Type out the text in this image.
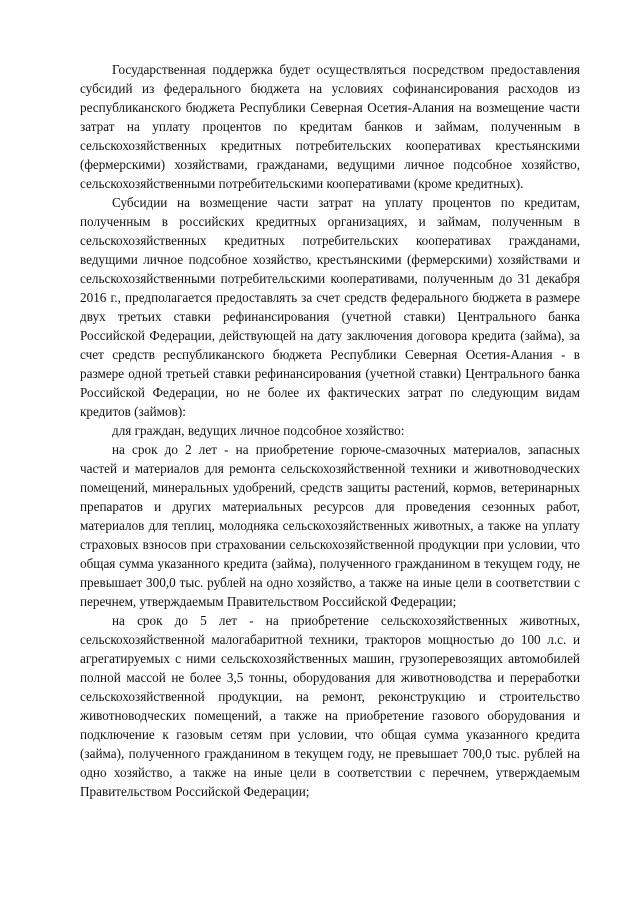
Государственная поддержка будет осуществляться посредством предоставления субсидий из федерального бюджета на условиях софинансирования расходов из республиканского бюджета Республики Северная Осетия-Алания на возмещение части затрат на уплату процентов по кредитам банков и займам, полученным в сельскохозяйственных кредитных потребительских кооперативах крестьянскими (фермерскими) хозяйствами, гражданами, ведущими личное подсобное хозяйство, сельскохозяйственными потребительскими кооперативами (кроме кредитных).

Субсидии на возмещение части затрат на уплату процентов по кредитам, полученным в российских кредитных организациях, и займам, полученным в сельскохозяйственных кредитных потребительских кооперативах гражданами, ведущими личное подсобное хозяйство, крестьянскими (фермерскими) хозяйствами и сельскохозяйственными потребительскими кооперативами, полученным до 31 декабря 2016 г., предполагается предоставлять за счет средств федерального бюджета в размере двух третьих ставки рефинансирования (учетной ставки) Центрального банка Российской Федерации, действующей на дату заключения договора кредита (займа), за счет средств республиканского бюджета Республики Северная Осетия-Алания - в размере одной третьей ставки рефинансирования (учетной ставки) Центрального банка Российской Федерации, но не более их фактических затрат по следующим видам кредитов (займов):

для граждан, ведущих личное подсобное хозяйство:

на срок до 2 лет - на приобретение горюче-смазочных материалов, запасных частей и материалов для ремонта сельскохозяйственной техники и животноводческих помещений, минеральных удобрений, средств защиты растений, кормов, ветеринарных препаратов и других материальных ресурсов для проведения сезонных работ, материалов для теплиц, молодняка сельскохозяйственных животных, а также на уплату страховых взносов при страховании сельскохозяйственной продукции при условии, что общая сумма указанного кредита (займа), полученного гражданином в текущем году, не превышает 300,0 тыс. рублей на одно хозяйство, а также на иные цели в соответствии с перечнем, утверждаемым Правительством Российской Федерации;

на срок до 5 лет - на приобретение сельскохозяйственных животных, сельскохозяйственной малогабаритной техники, тракторов мощностью до 100 л.с. и агрегатируемых с ними сельскохозяйственных машин, грузоперевозящих автомобилей полной массой не более 3,5 тонны, оборудования для животноводства и переработки сельскохозяйственной продукции, на ремонт, реконструкцию и строительство животноводческих помещений, а также на приобретение газового оборудования и подключение к газовым сетям при условии, что общая сумма указанного кредита (займа), полученного гражданином в текущем году, не превышает 700,0 тыс. рублей на одно хозяйство, а также на иные цели в соответствии с перечнем, утверждаемым Правительством Российской Федерации;
